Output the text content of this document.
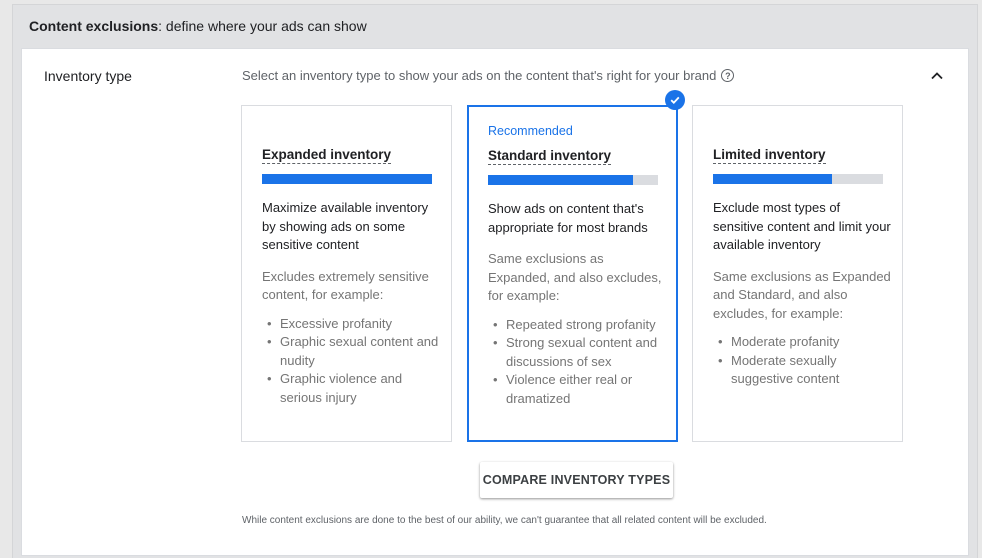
Content exclusions: define where your ads can show
Inventory type	Select an inventory type to show your ads on the content that's right for your brand ?
Expanded inventory
Maximize available inventory by showing ads on some sensitive content
Excludes extremely sensitive content, for example:
• Excessive profanity
• Graphic sexual content and nudity
• Graphic violence and serious injury
Recommended
Standard inventory
Show ads on content that's appropriate for most brands
Same exclusions as Expanded, and also excludes, for example:
• Repeated strong profanity
• Strong sexual content and discussions of sex
• Violence either real or dramatized
Limited inventory
Exclude most types of sensitive content and limit your available inventory
Same exclusions as Expanded and Standard, and also excludes, for example:
• Moderate profanity
• Moderate sexually suggestive content
COMPARE INVENTORY TYPES
While content exclusions are done to the best of our ability, we can't guarantee that all related content will be excluded.
